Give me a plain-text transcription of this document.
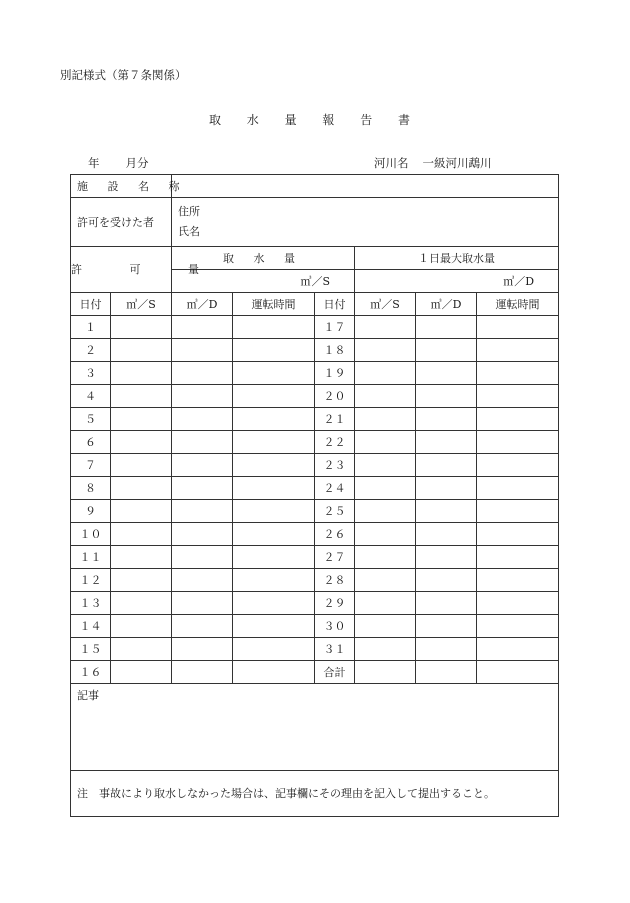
別記様式（第７条関係）
取 水 量 報 告 書
年 月分	河川名 一級河川鵡川
施 設 名 称							
許可を受けた者		住所
氏名					

許 可 量		取 水 量			１日最大取水量		
		㎥／S			㎥／D		
日付	㎥／S	㎥／D	運転時間	日付	㎥／S	㎥／D	運転時間
１				１７			
２				１８			
３				１９			
４				２０			
５				２１			
６				２２			
７				２３			
８				２４			
９				２５			
１０				２６			
１１				２７			
１２				２８			
１３				２９			
１４				３０			
１５				３１			
１６				合計			
記事							
注　事故により取水しなかった場合は、記事欄にその理由を記入して提出すること。							
